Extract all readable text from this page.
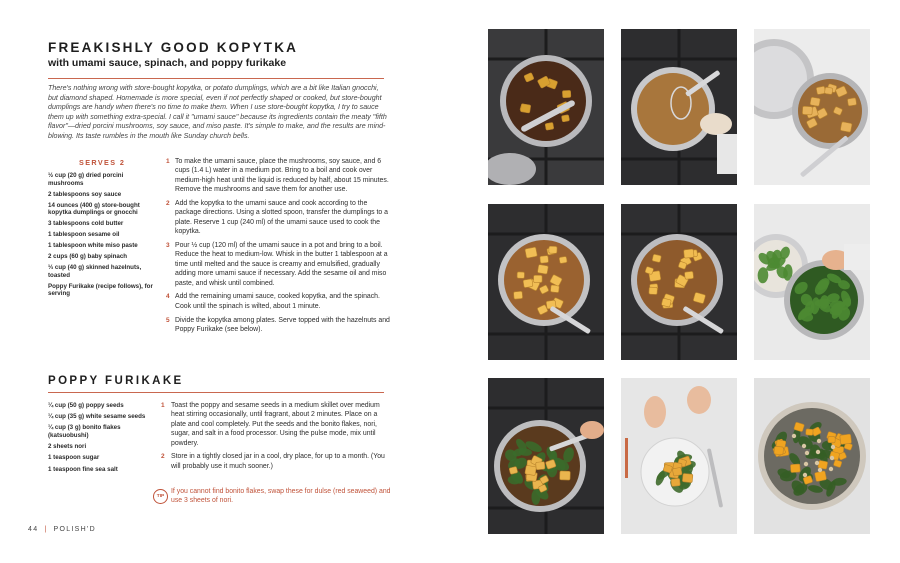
FREAKISHLY GOOD KOPYTKA
with umami sauce, spinach, and poppy furikake

There's nothing wrong with store-bought kopytka, or potato dumplings, which are a bit like Italian gnocchi, but diamond shaped. Homemade is more special, even if not perfectly shaped or cooked, but store-bought dumplings are handy when there's no time to make them. When I use store-bought kopytka, I try to sauce them up with something extra-special. I call it "umami sauce" because its ingredients contain the meaty "fifth flavor"—dried porcini mushrooms, soy sauce, and miso paste. It's simple to make, and the results are mind-blowing. Its taste rumbles in the mouth like Sunday church bells.

SERVES 2
½ cup (20 g) dried porcini mushrooms
2 tablespoons soy sauce
14 ounces (400 g) store-bought kopytka dumplings or gnocchi
3 tablespoons cold butter
1 tablespoon sesame oil
1 tablespoon white miso paste
2 cups (60 g) baby spinach
⅓ cup (40 g) skinned hazelnuts, toasted
Poppy Furikake (recipe follows), for serving
1 To make the umami sauce, place the mushrooms, soy sauce, and 6 cups (1.4 L) water in a medium pot. Bring to a boil and cook over medium-high heat until the liquid is reduced by half, about 15 minutes. Remove the mushrooms and save them for another use.
2 Add the kopytka to the umami sauce and cook according to the package directions. Using a slotted spoon, transfer the dumplings to a plate. Reserve 1 cup (240 ml) of the umami sauce used to cook the kopytka.
3 Pour ½ cup (120 ml) of the umami sauce in a pot and bring to a boil. Reduce the heat to medium-low. Whisk in the butter 1 tablespoon at a time until melted and the sauce is creamy and emulsified, gradually adding more umami sauce if necessary. Add the sesame oil and miso paste, and whisk until combined.
4 Add the remaining umami sauce, cooked kopytka, and the spinach. Cook until the spinach is wilted, about 1 minute.
5 Divide the kopytka among plates. Serve topped with the hazelnuts and Poppy Furikake (see below).
POPPY FURIKAKE
¼ cup (50 g) poppy seeds
¼ cup (35 g) white sesame seeds
¼ cup (3 g) bonito flakes (katsuobushi)
2 sheets nori
1 teaspoon sugar
1 teaspoon fine sea salt
1 Toast the poppy and sesame seeds in a medium skillet over medium heat stirring occasionally, until fragrant, about 2 minutes. Place on a plate and cool completely. Put the seeds and the bonito flakes, nori, sugar, and salt in a food processor. Using the pulse mode, mix until powdery.
2 Store in a tightly closed jar in a cool, dry place, for up to a month. (You will probably use it much sooner.)
TIP

If you cannot find bonito flakes, swap these for dulse (red seaweed) and use 3 sheets of nori.

44 | POLISH'D
